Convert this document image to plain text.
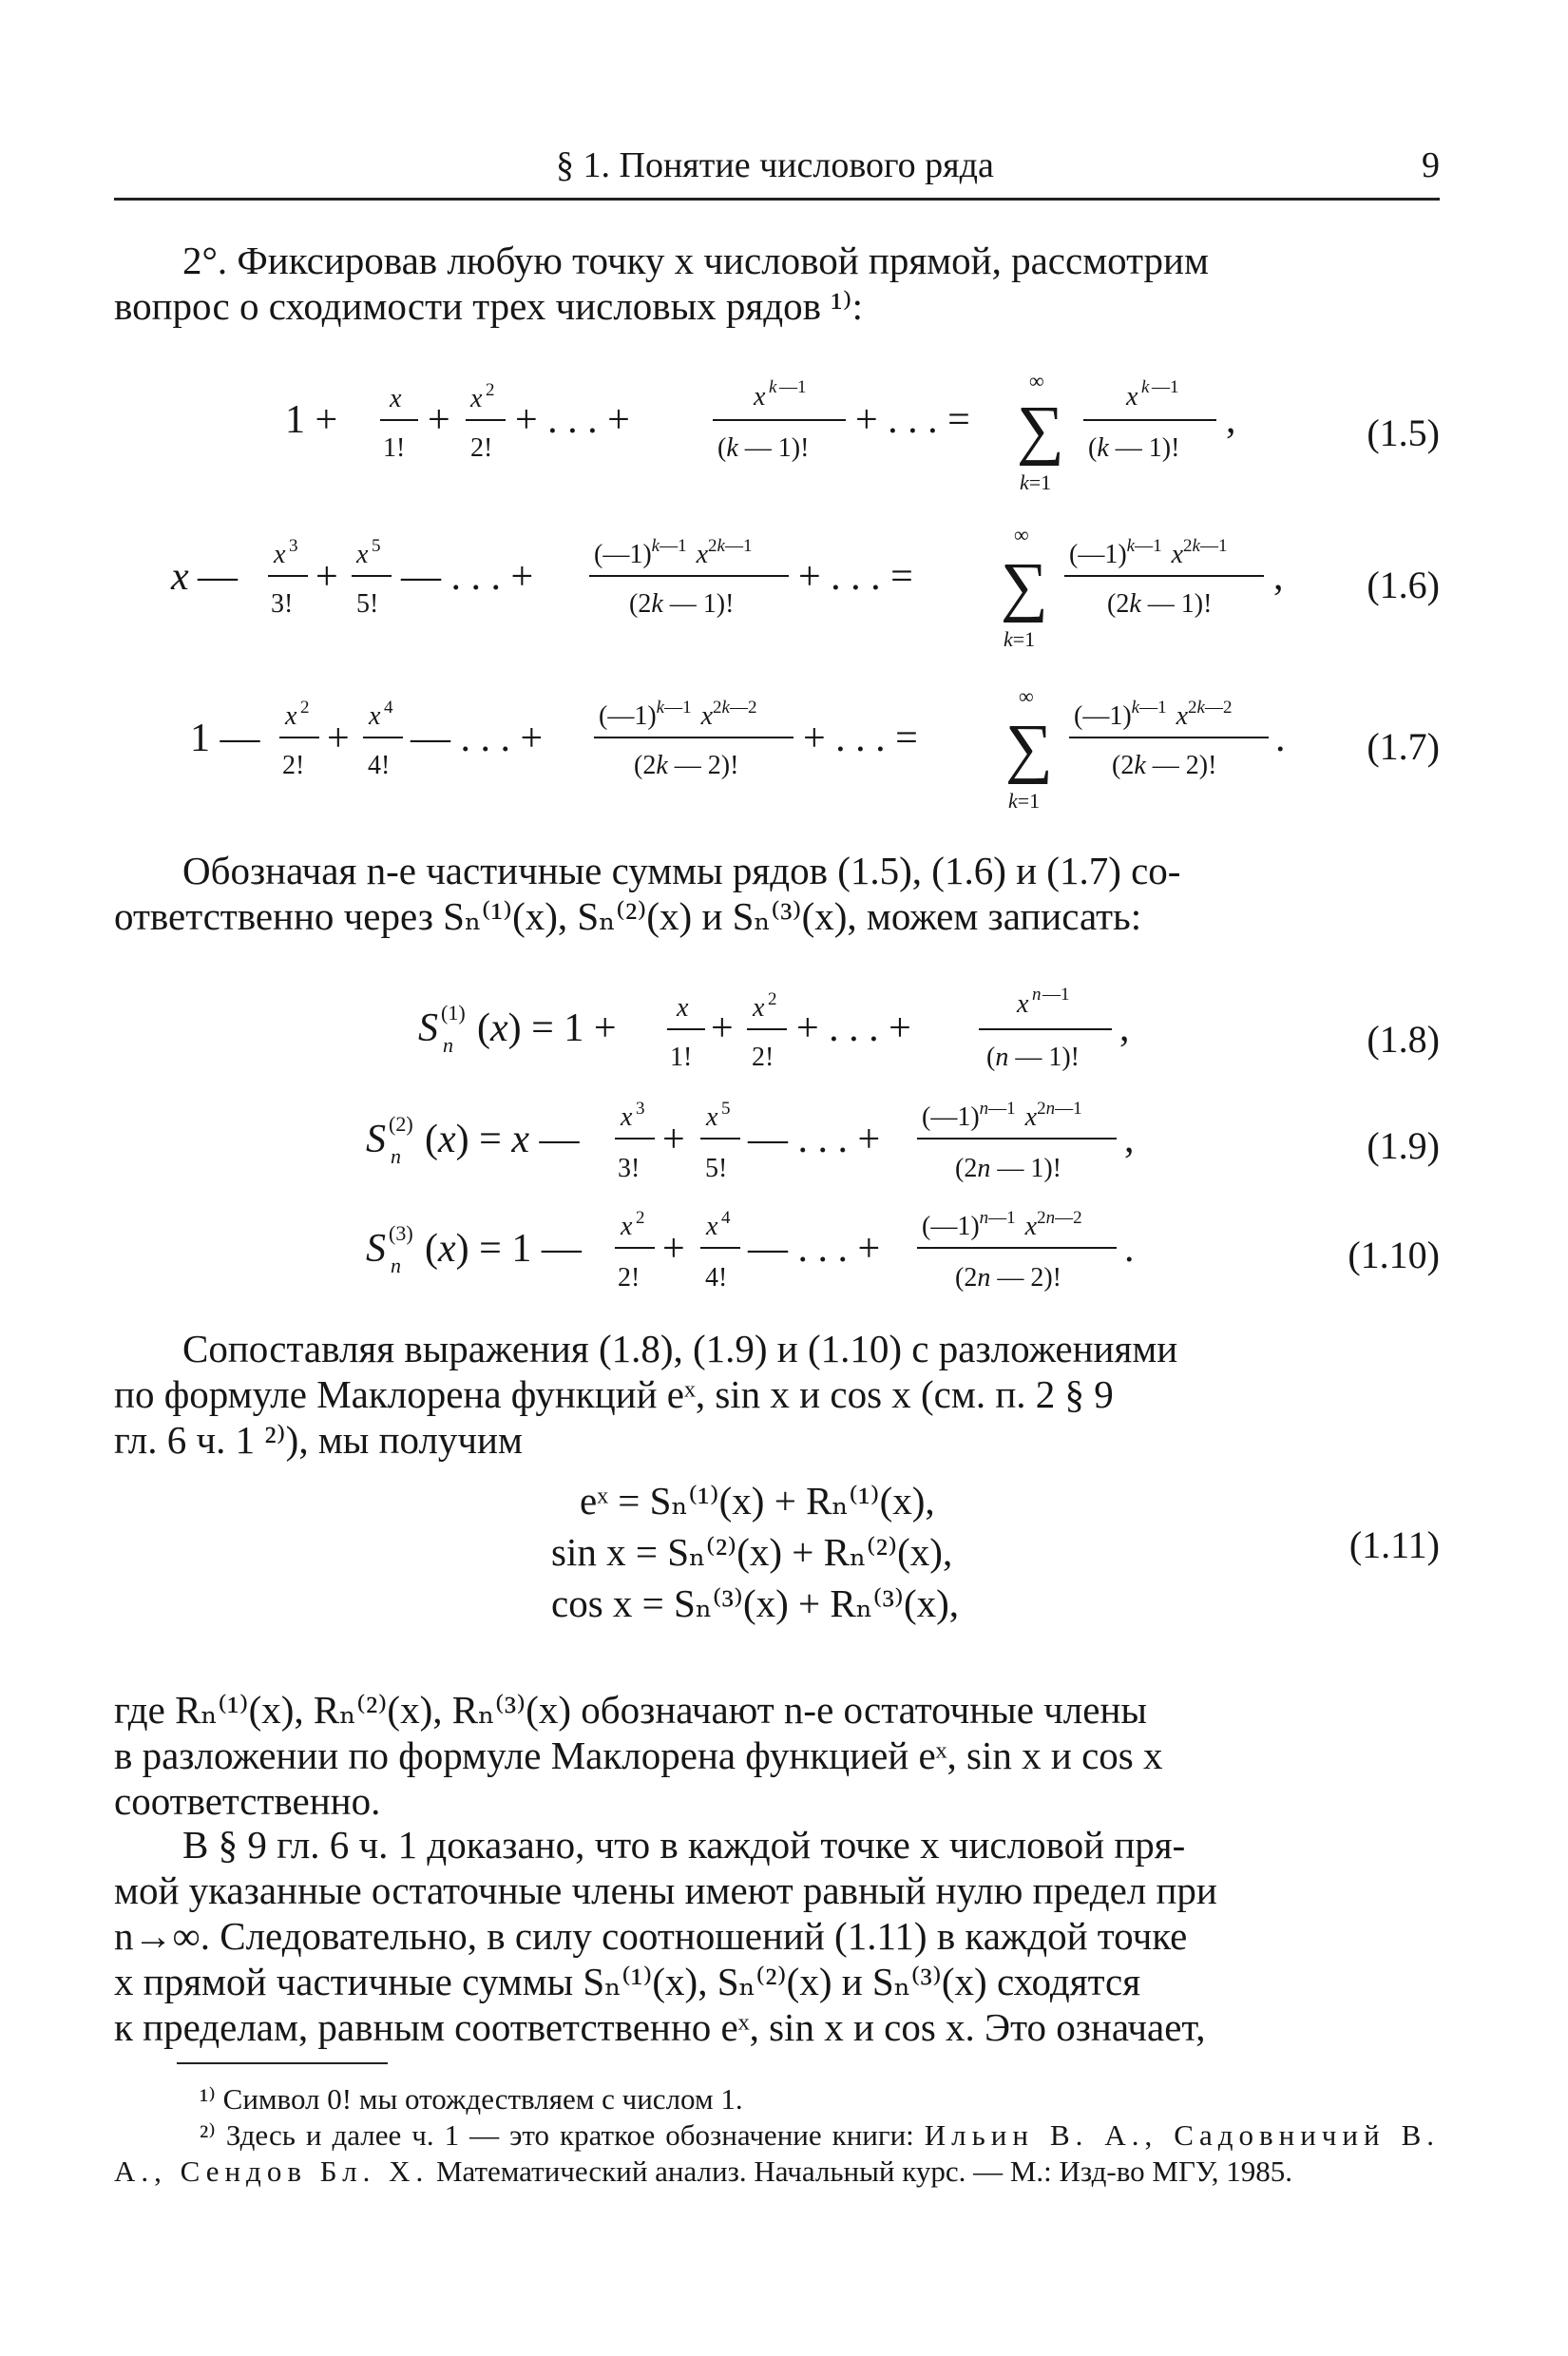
§ 1. Понятие числового ряда	9
2°. Фиксировав любую точку x числовой прямой, рассмотрим
вопрос о сходимости трех числовых рядов ¹⁾:
1 + x
1!
+ x 2
2!
+ . . . +
x k —1
(k — 1)!
+ . . . =
∞
∑
k=1
x k —1
(k — 1)!
,	(1.5)
x —
x 3
3!
+
x 5
5!
— . . . +
(—1)$^k$—1 $x^2k—1$
(2k — 1)!
+ . . . =
∞
∑
k=1
(—1)$^k$—1 $x^2k—1$
(2k — 1)!
, (1.6)
1 —
x 2
2!
+
x 4
4!
— . . . +
(—1)$^k$—1 $x^2k—2$
(2k — 2)!
+ . . . =
∞
∑
k=1
(—1)$^k$—1 $x^2k—2$
(2k — 2)!
. (1.7)
Обозначая n-е частичные суммы рядов (1.5), (1.6) и (1.7) со-
ответственно через Sₙ⁽¹⁾(x), Sₙ⁽²⁾(x) и Sₙ⁽³⁾(x), можем записать:
S (1)
n (x) = 1 + x
1!
+ x 2
2!
+ . . . +
x n —1
(n — 1)!
,	(1.8)
S (2)
n (x) = x —
x 3
3!
+
x 5
5!
— . . . +
(—1)$^n$—1 $x^2n—1$
(2n — 1)!
,	(1.9)
S (3)
n (x) = 1 —
x 2
2!
+
x 4
4!
— . . . +
(—1)$^n$—1 $x^2n—2$
(2n — 2)!
.	(1.10)
Сопоставляя выражения (1.8), (1.9) и (1.10) с разложениями
по формуле Маклорена функций eˣ, sin x и cos x (см. п. 2 § 9
гл. 6 ч. 1 ²⁾), мы получим
eˣ = Sₙ⁽¹⁾(x) + Rₙ⁽¹⁾(x),
sin x = Sₙ⁽²⁾(x) + Rₙ⁽²⁾(x),
cos x = Sₙ⁽³⁾(x) + Rₙ⁽³⁾(x),
(1.11)
где Rₙ⁽¹⁾(x), Rₙ⁽²⁾(x), Rₙ⁽³⁾(x) обозначают n-е остаточные члены
в разложении по формуле Маклорена функцией eˣ, sin x и cos x
соответственно.
В § 9 гл. 6 ч. 1 доказано, что в каждой точке x числовой пря-
мой указанные остаточные члены имеют равный нулю предел при
n→∞. Следовательно, в силу соотношений (1.11) в каждой точке
x прямой частичные суммы Sₙ⁽¹⁾(x), Sₙ⁽²⁾(x) и Sₙ⁽³⁾(x) сходятся
к пределам, равным соответственно eˣ, sin x и cos x. Это означает,

¹⁾ Символ 0! мы отождествляем с числом 1.

²⁾ Здесь и далее ч. 1 — это краткое обозначение книги: Ильин В. А., Садовничий В. А., Сендов Бл. Х. Математический анализ. Начальный курс. — М.: Изд-во МГУ, 1985.
